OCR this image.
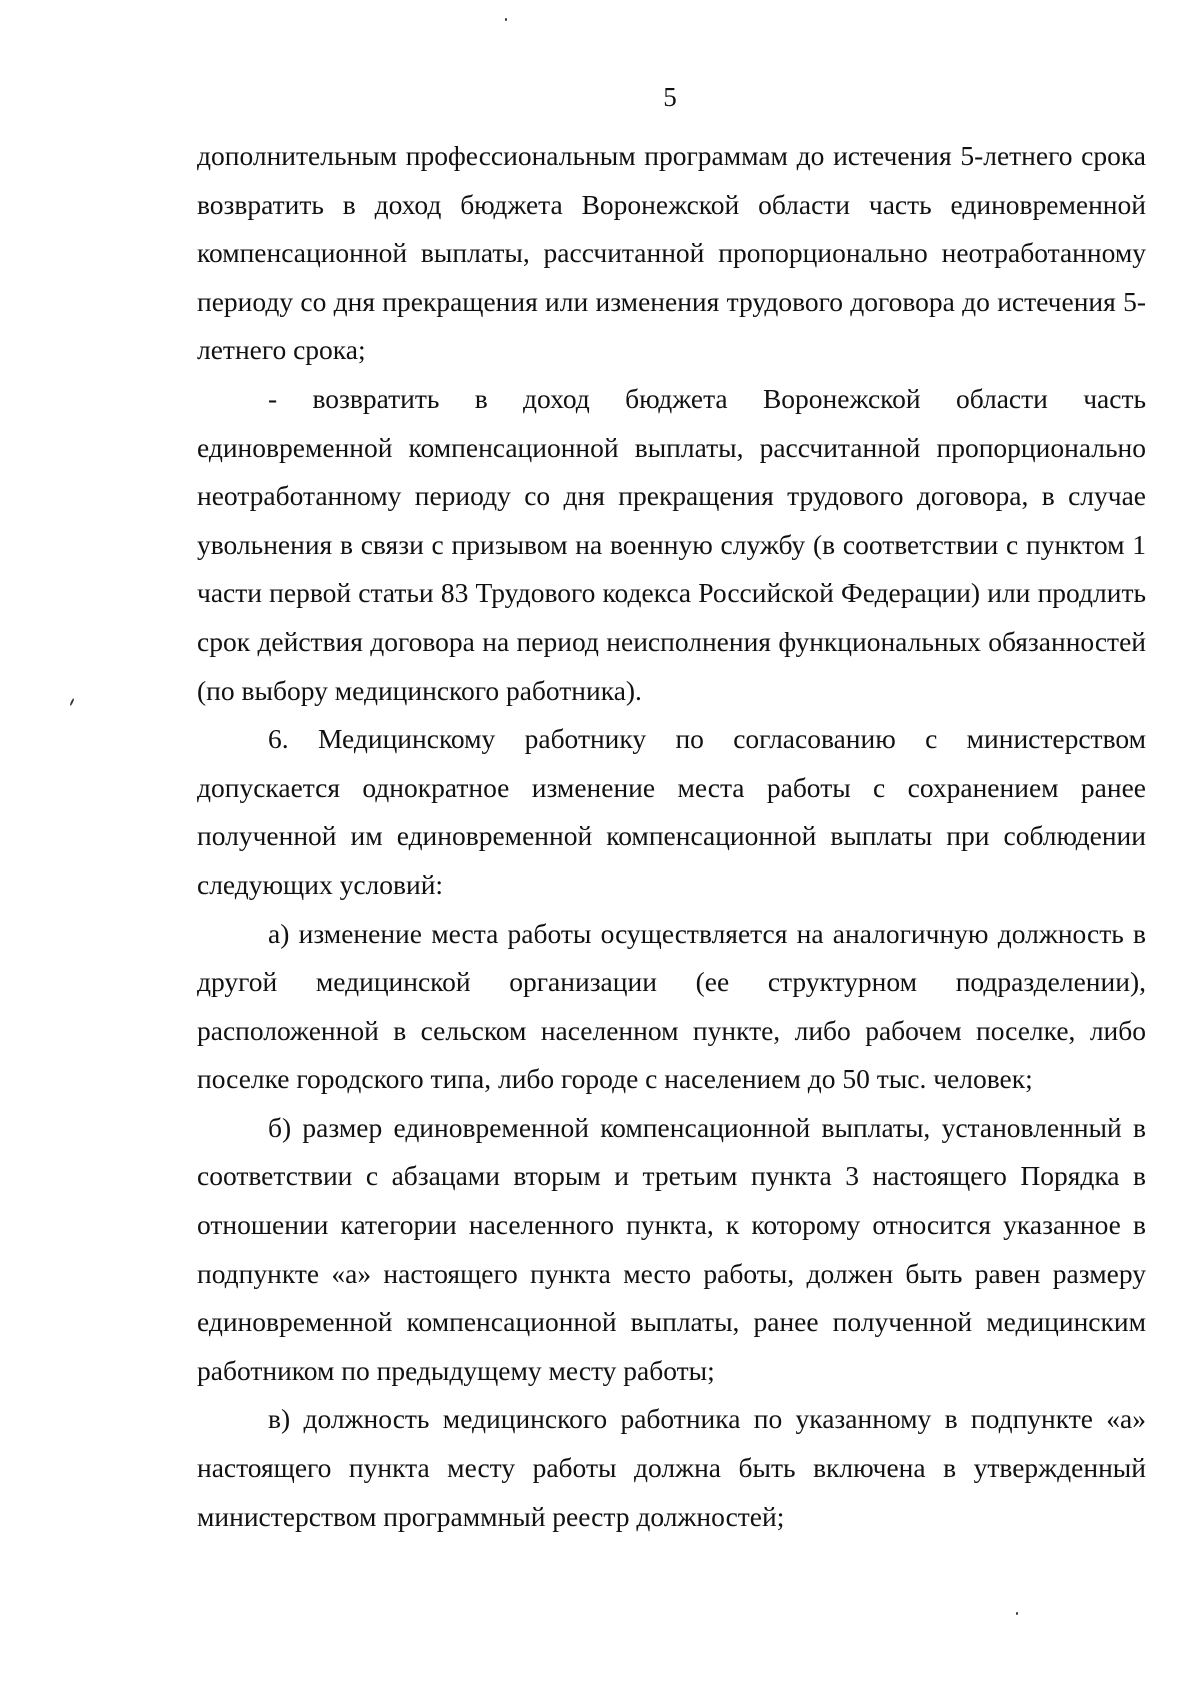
5

дополнительным профессиональным программам до истечения 5-летнего срока возвратить в доход бюджета Воронежской области часть единовременной компенсационной выплаты, рассчитанной пропорционально неотработанному периоду со дня прекращения или изменения трудового договора до истечения 5-летнего срока;

- возвратить в доход бюджета Воронежской области часть единовременной компенсационной выплаты, рассчитанной пропорционально неотработанному периоду со дня прекращения трудового договора, в случае увольнения в связи с призывом на военную службу (в соответствии с пунктом 1 части первой статьи 83 Трудового кодекса Российской Федерации) или продлить срок действия договора на период неисполнения функциональных обязанностей (по выбору медицинского работника).

6. Медицинскому работнику по согласованию с министерством допускается однократное изменение места работы с сохранением ранее полученной им единовременной компенсационной выплаты при соблюдении следующих условий:

а) изменение места работы осуществляется на аналогичную должность в другой медицинской организации (ее структурном подразделении), расположенной в сельском населенном пункте, либо рабочем поселке, либо поселке городского типа, либо городе с населением до 50 тыс. человек;

б) размер единовременной компенсационной выплаты, установленный в соответствии с абзацами вторым и третьим пункта 3 настоящего Порядка в отношении категории населенного пункта, к которому относится указанное в подпункте «а» настоящего пункта место работы, должен быть равен размеру единовременной компенсационной выплаты, ранее полученной медицинским работником по предыдущему месту работы;

в) должность медицинского работника по указанному в подпункте «а» настоящего пункта месту работы должна быть включена в утвержденный министерством программный реестр должностей;
